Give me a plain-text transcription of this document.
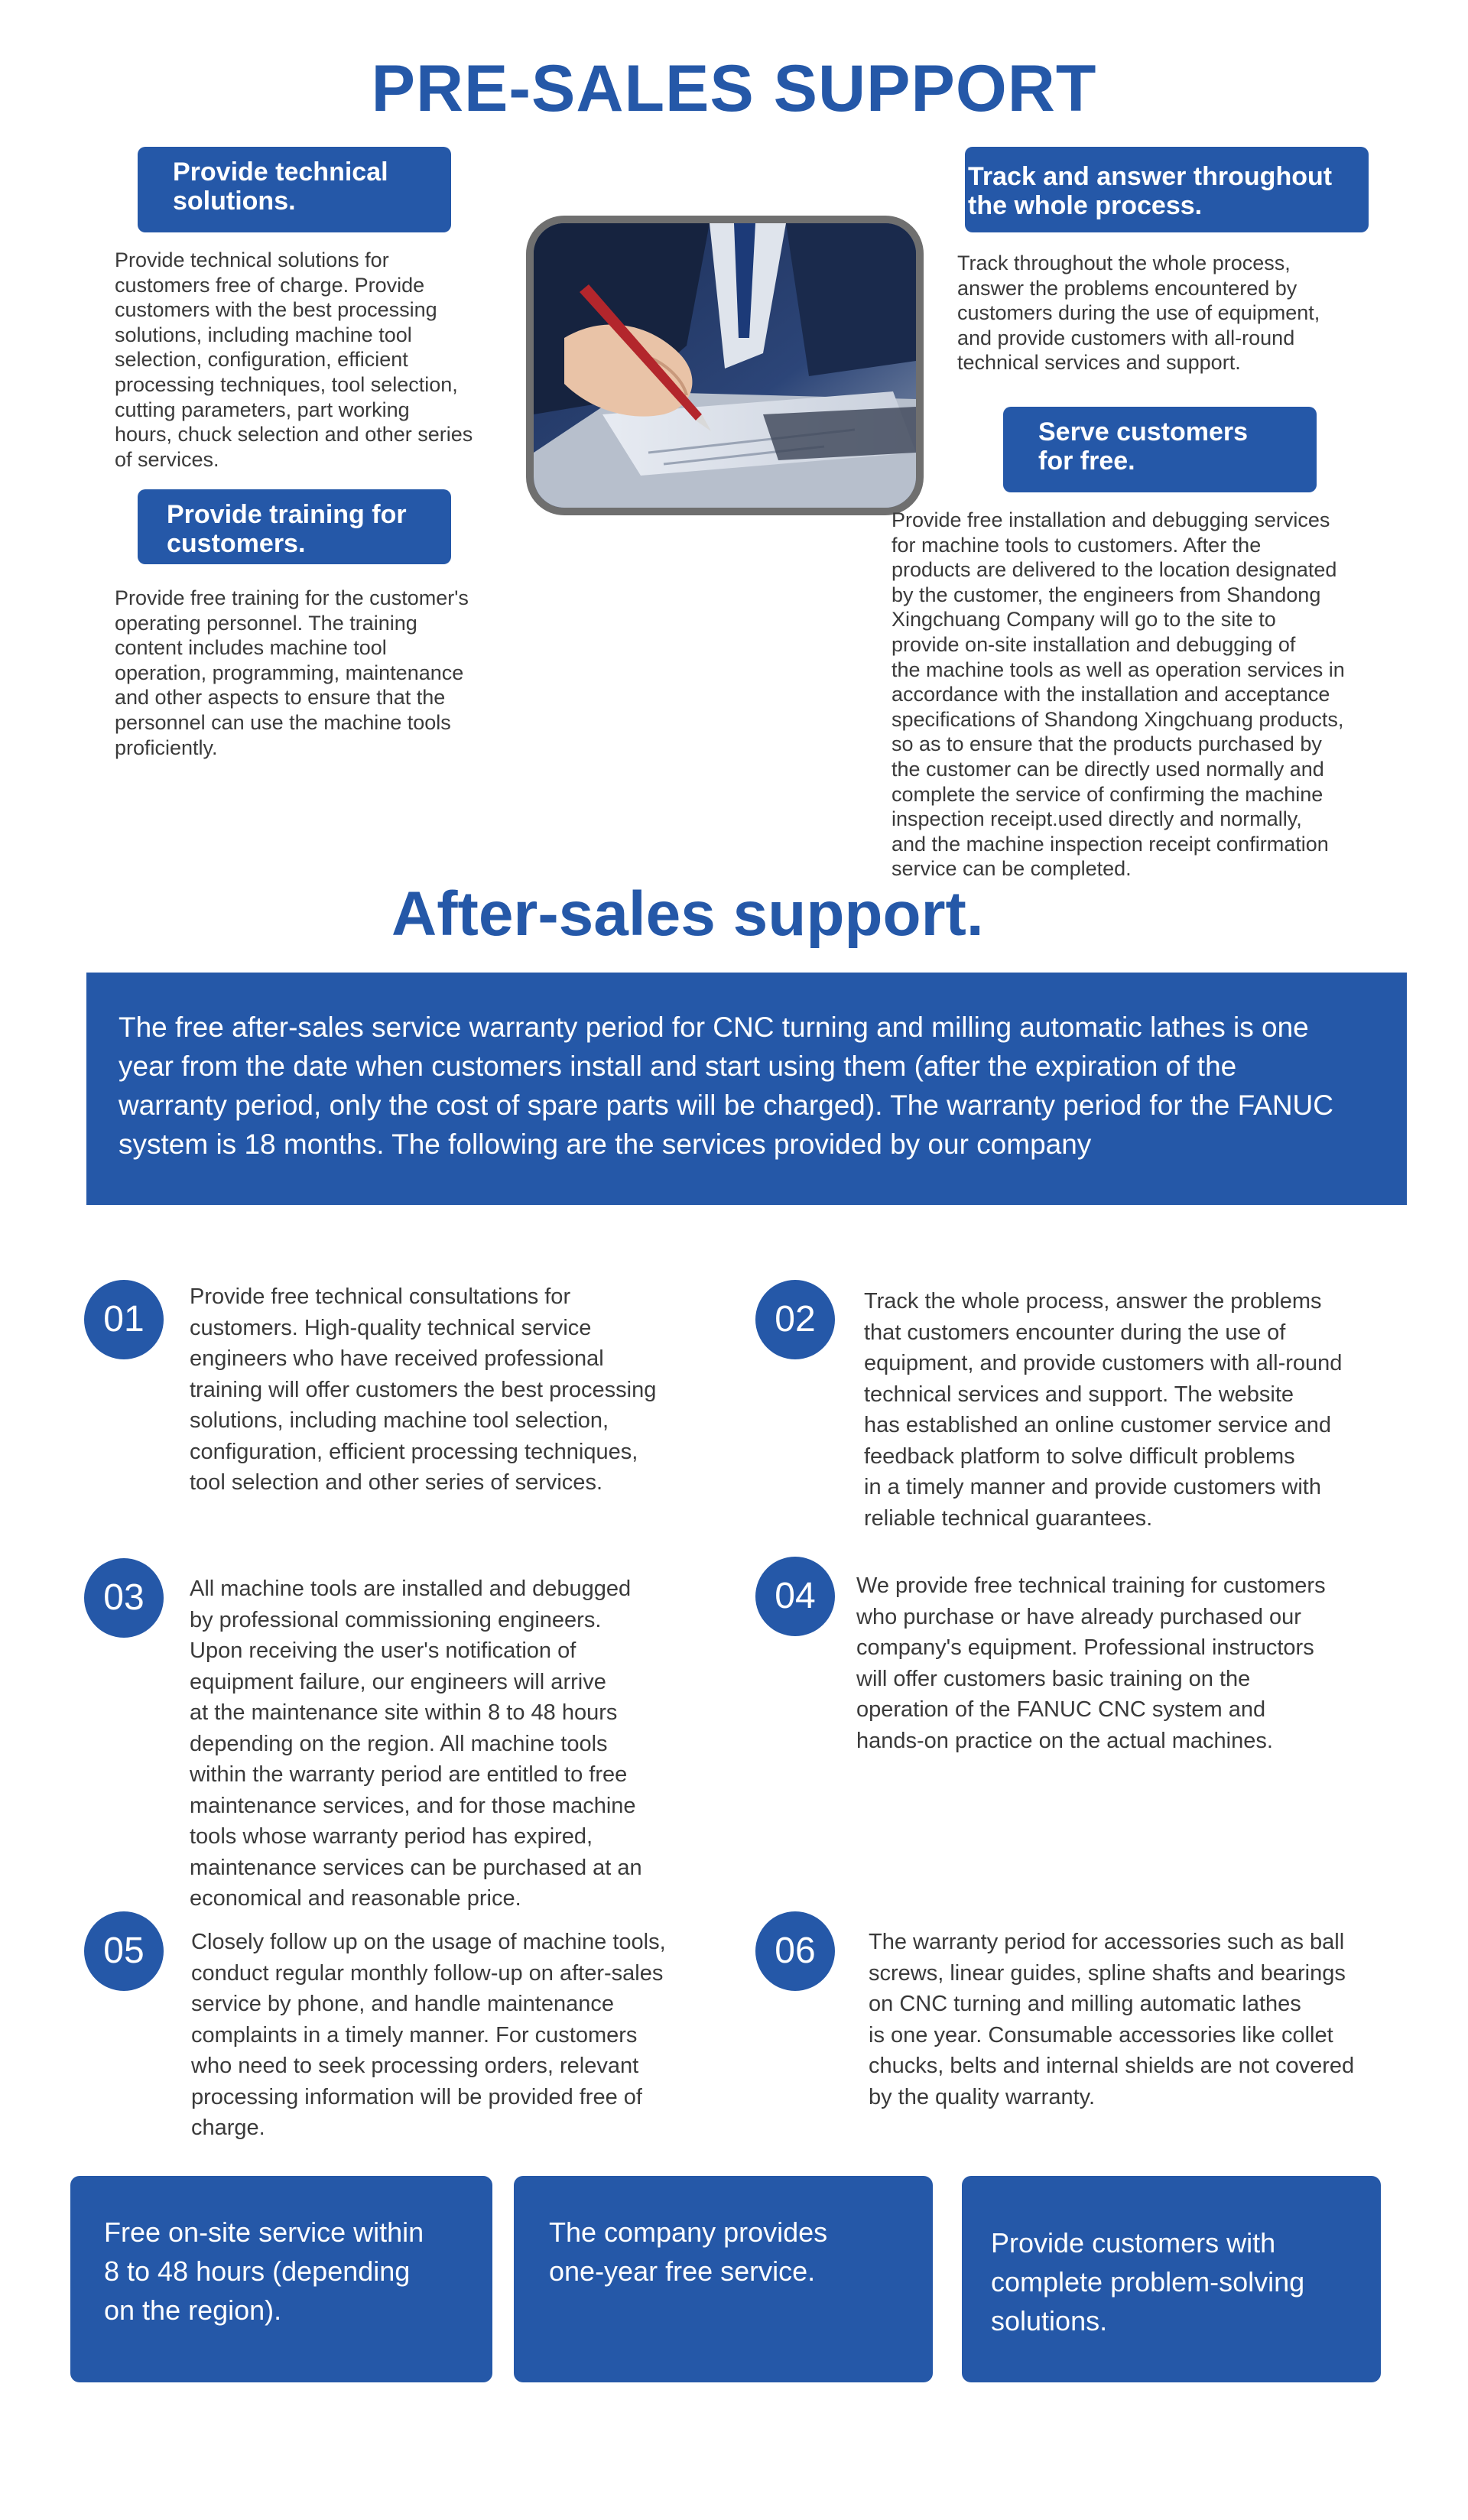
PRE-SALES SUPPORT
Provide technical
solutions.
Provide technical solutions for
customers free of charge. Provide
customers with the best processing
solutions, including machine tool
selection, configuration, efficient
processing techniques, tool selection,
cutting parameters, part working
hours, chuck selection and other series
of services.
Provide training for
customers.
Provide free training for the customer's
operating personnel. The training
content includes machine tool
operation, programming, maintenance
and other aspects to ensure that the
personnel can use the machine tools
proficiently.
Track and answer throughout
the whole process.
Track throughout the whole process,
answer the problems encountered by
customers during the use of equipment,
and provide customers with all-round
technical services and support.
Serve customers
for free.
Provide free installation and debugging services
for machine tools to customers. After the
products are delivered to the location designated
by the customer, the engineers from Shandong
Xingchuang Company will go to the site to
provide on-site installation and debugging of
the machine tools as well as operation services in
accordance with the installation and acceptance
specifications of Shandong Xingchuang products,
so as to ensure that the products purchased by
the customer can be directly used normally and
complete the service of confirming the machine
inspection receipt.used directly and normally,
and the machine inspection receipt confirmation
service can be completed.
After-sales support.
The free after-sales service warranty period for CNC turning and milling automatic lathes is one
year from the date when customers install and start using them (after the expiration of the
warranty period, only the cost of spare parts will be charged). The warranty period for the FANUC
system is 18 months. The following are the services provided by our company
01
Provide free technical consultations for
customers. High-quality technical service
engineers who have received professional
training will offer customers the best processing
solutions, including machine tool selection,
configuration, efficient processing techniques,
tool selection and other series of services.
02	Track the whole process, answer the problems
that customers encounter during the use of
equipment, and provide customers with all-round
technical services and support. The website
has established an online customer service and
feedback platform to solve difficult problems
in a timely manner and provide customers with
reliable technical guarantees.
03	All machine tools are installed and debugged
by professional commissioning engineers.
Upon receiving the user's notification of
equipment failure, our engineers will arrive
at the maintenance site within 8 to 48 hours
depending on the region. All machine tools
within the warranty period are entitled to free
maintenance services, and for those machine
tools whose warranty period has expired,
maintenance services can be purchased at an
economical and reasonable price.
04	We provide free technical training for customers
who purchase or have already purchased our
company's equipment. Professional instructors
will offer customers basic training on the
operation of the FANUC CNC system and
hands-on practice on the actual machines.
05	Closely follow up on the usage of machine tools,
conduct regular monthly follow-up on after-sales
service by phone, and handle maintenance
complaints in a timely manner. For customers
who need to seek processing orders, relevant
processing information will be provided free of
charge.
06	The warranty period for accessories such as ball
screws, linear guides, spline shafts and bearings
on CNC turning and milling automatic lathes
is one year. Consumable accessories like collet
chucks, belts and internal shields are not covered
by the quality warranty.
Free on-site service within
8 to 48 hours (depending
on the region).
The company provides
one-year free service.
Provide customers with
complete problem-solving
solutions.
